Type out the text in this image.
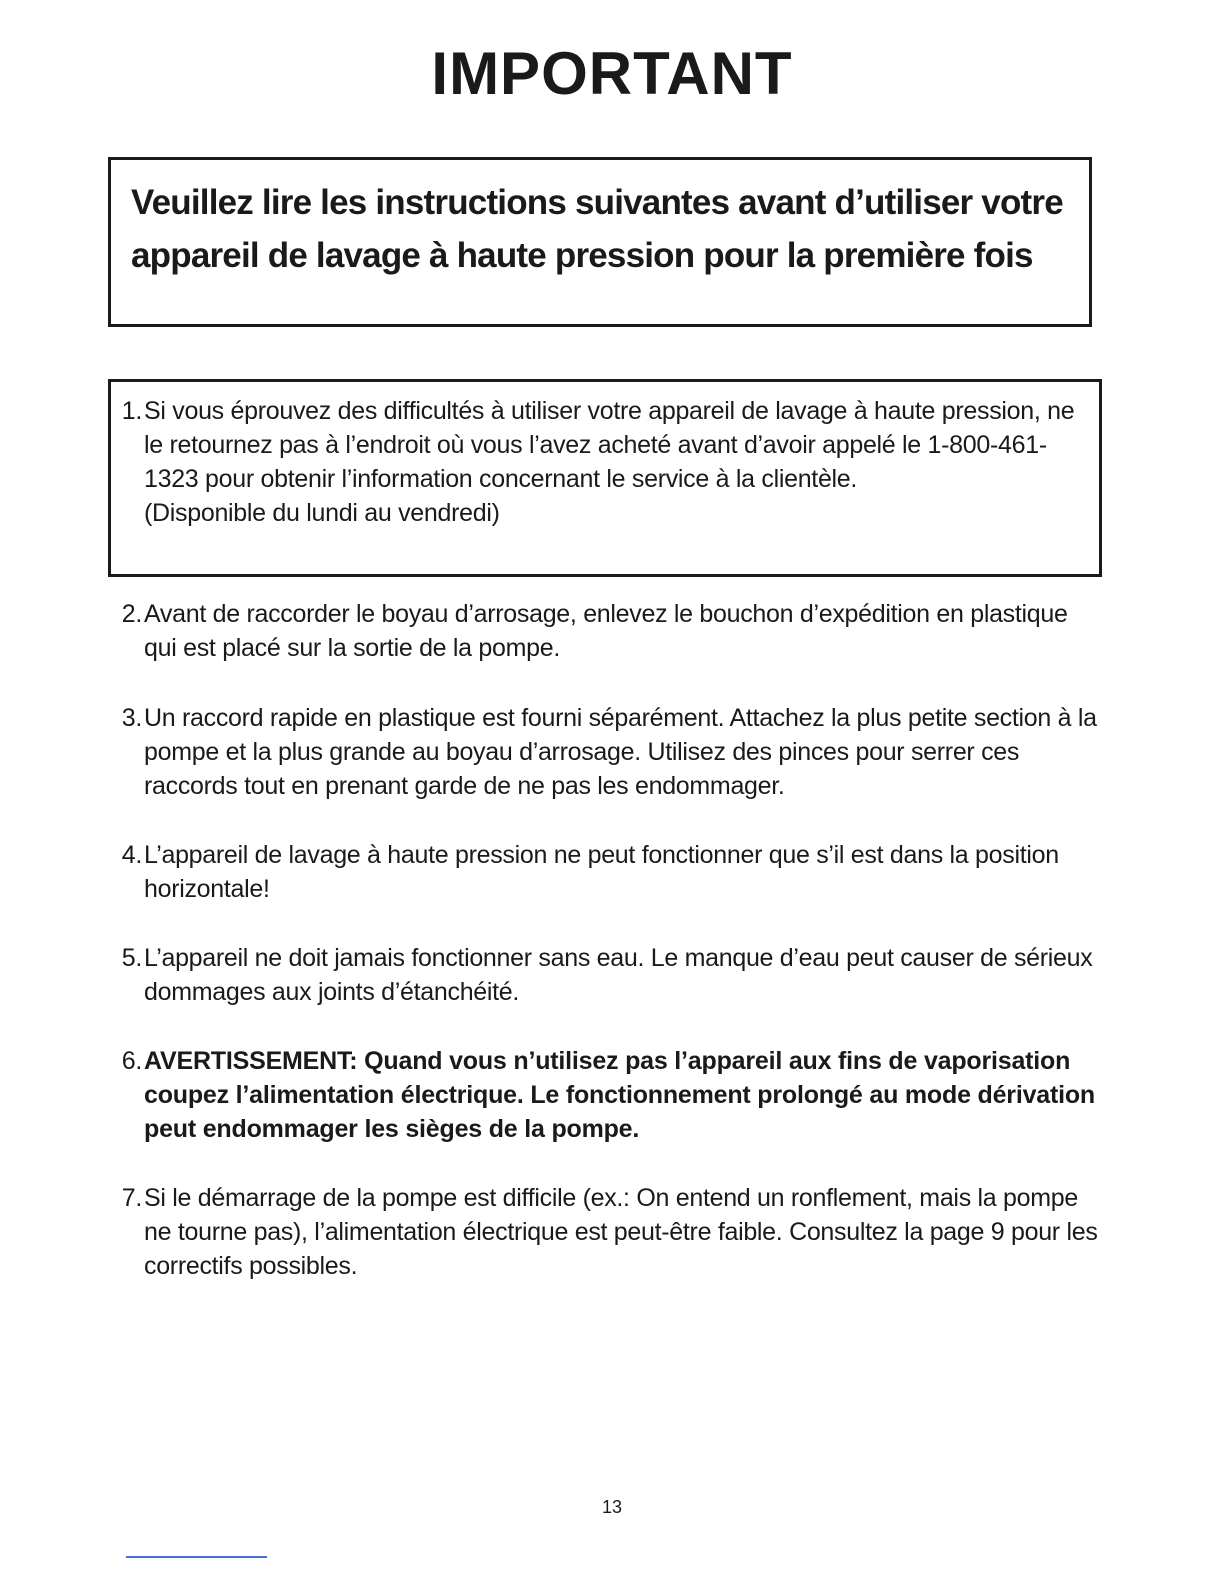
IMPORTANT
Veuillez lire les instructions suivantes avant d’utiliser votre appareil de lavage à haute pression pour la première fois
1. Si vous éprouvez des difficultés à utiliser votre appareil de lavage à haute pression, ne le retournez pas à l’endroit où vous l’avez acheté avant d’avoir appelé le 1-800-461-1323 pour obtenir l’information concernant le service à la clientèle.
(Disponible du lundi au vendredi)
2. Avant de raccorder le boyau d’arrosage, enlevez le bouchon d’expédition en plastique qui est placé sur la sortie de la pompe.
3. Un raccord rapide en plastique est fourni séparément. Attachez la plus petite section à la pompe et la plus grande au boyau d’arrosage. Utilisez des pinces pour serrer ces raccords tout en prenant garde de ne pas les endommager.
4. L’appareil de lavage à haute pression ne peut fonctionner que s’il est dans la position horizontale!
5. L’appareil ne doit jamais fonctionner sans eau. Le manque d’eau peut causer de sérieux dommages aux joints d’étanchéité.
6. AVERTISSEMENT: Quand vous n’utilisez pas l’appareil aux fins de vaporisation coupez l’alimentation électrique. Le fonctionnement prolongé au mode dérivation peut endommager les sièges de la pompe.
7. Si le démarrage de la pompe est difficile (ex.: On entend un ronflement, mais la pompe ne tourne pas), l’alimentation électrique est peut-être faible. Consultez la page 9 pour les correctifs possibles.
13
